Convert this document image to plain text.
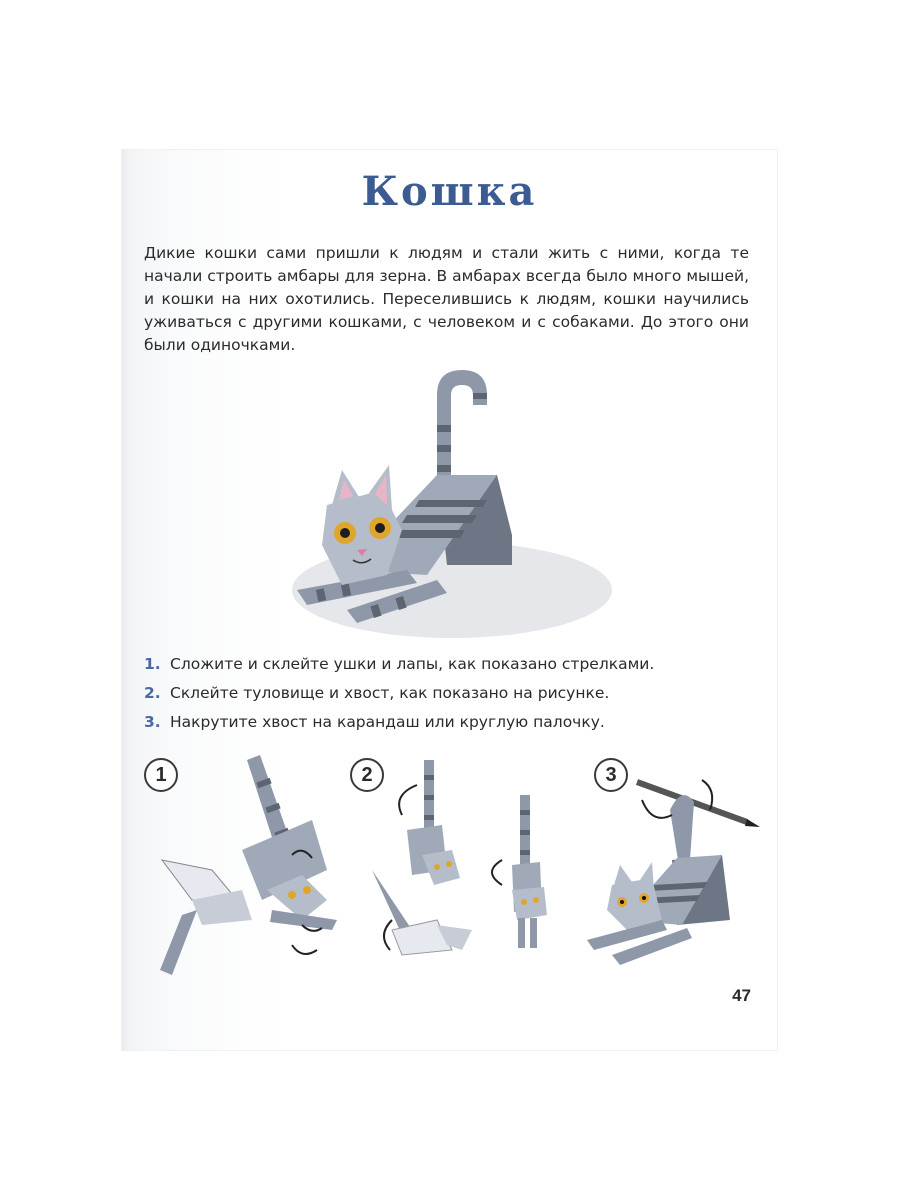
Кошка

Дикие кошки сами пришли к людям и стали жить с ними, когда те начали строить амбары для зерна. В амбарах всегда было много мышей, и кошки на них охотились. Переселившись к людям, кошки научились уживаться с другими кошками, с человеком и с собаками. До этого они были одиночками.

1. Сложите и склейте ушки и лапы, как показано стрелками.
2. Склейте туловище и хвост, как показано на рисунке.
3. Накрутите хвост на карандаш или круглую палочку.
1	2	3
47
